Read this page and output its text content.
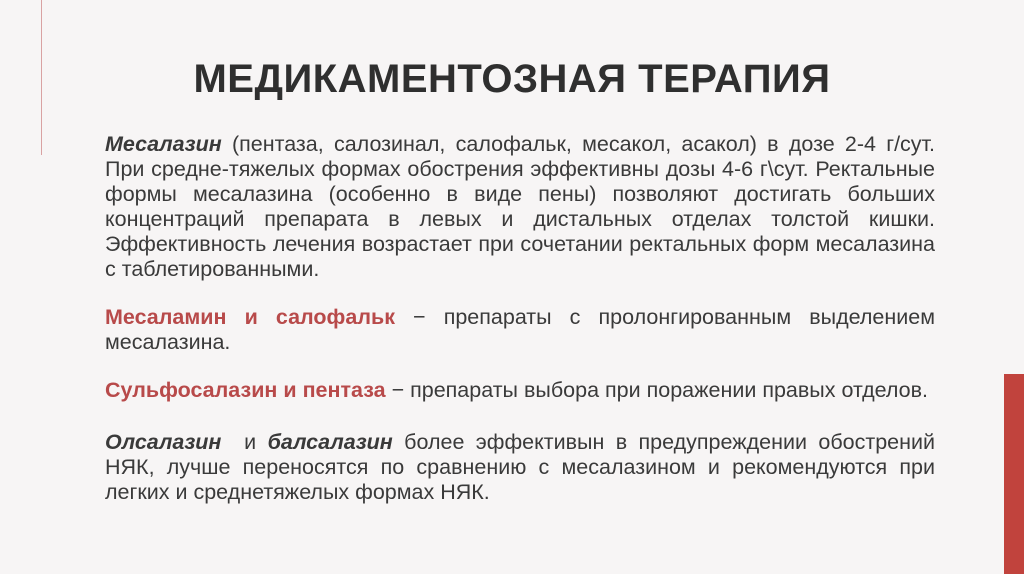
МЕДИКАМЕНТОЗНАЯ ТЕРАПИЯ

Месалазин (пентаза, салозинал, салофальк, месакол, асакол) в дозе 2-4 г/сут. При средне-тяжелых формах обострения эффективны дозы 4-6 г\сут. Ректальные формы месалазина (особенно в виде пены) позволяют достигать больших концентраций препарата в левых и дистальных отделах толстой кишки. Эффективность лечения возрастает при сочетании ректальных форм месалазина с таблетированными.

Месаламин и салофальк − препараты с пролонгированным выделением месалазина.

Сульфосалазин и пентаза − препараты выбора при поражении правых отделов.

Олсалазин  и балсалазин более эффективын в предупреждении обострений НЯК, лучше переносятся по сравнению с месалазином и рекомендуются при легких и среднетяжелых формах НЯК.
